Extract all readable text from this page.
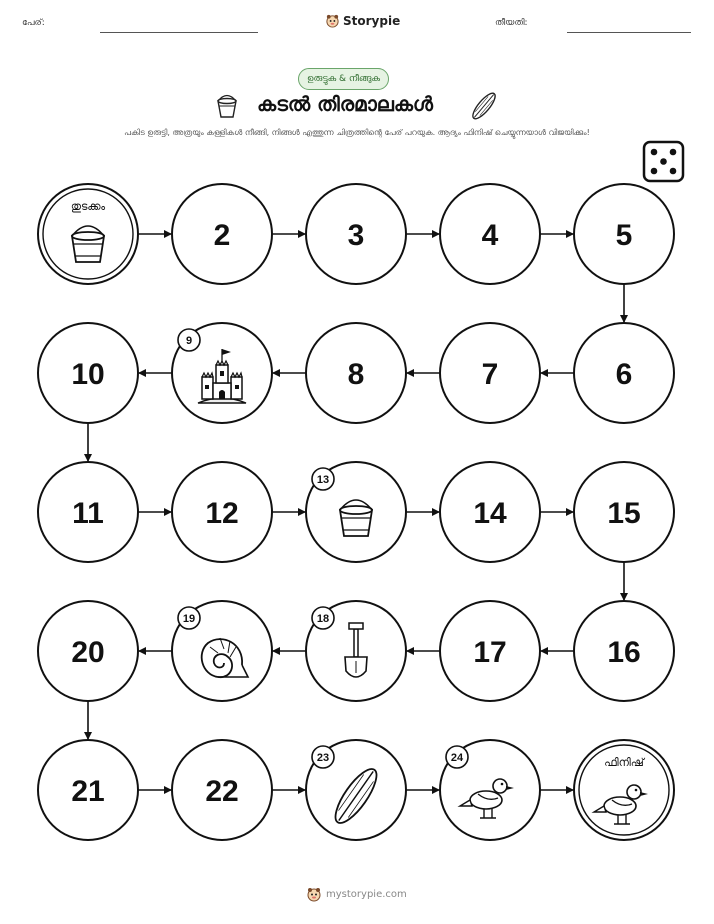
പേര്:	Storypie	തീയതി:
ഉരുട്ടുക & നീങ്ങുക
കടൽ തിരമാലകൾ
പകിട ഉരുട്ടി, അത്രയും കള്ളികൾ നീങ്ങി, നിങ്ങൾ എത്തുന്ന ചിത്രത്തിന്റെ പേര് പറയുക. ആദ്യം ഫിനിഷ് ചെയ്യുന്നയാൾ വിജയിക്കും!
തുടക്കം
2	3	4	5
6
7
8
9
10
11	12
13
14	15
16
17
18
19
20
21	22
23	24	ഫിനിഷ്
mystorypie.com
